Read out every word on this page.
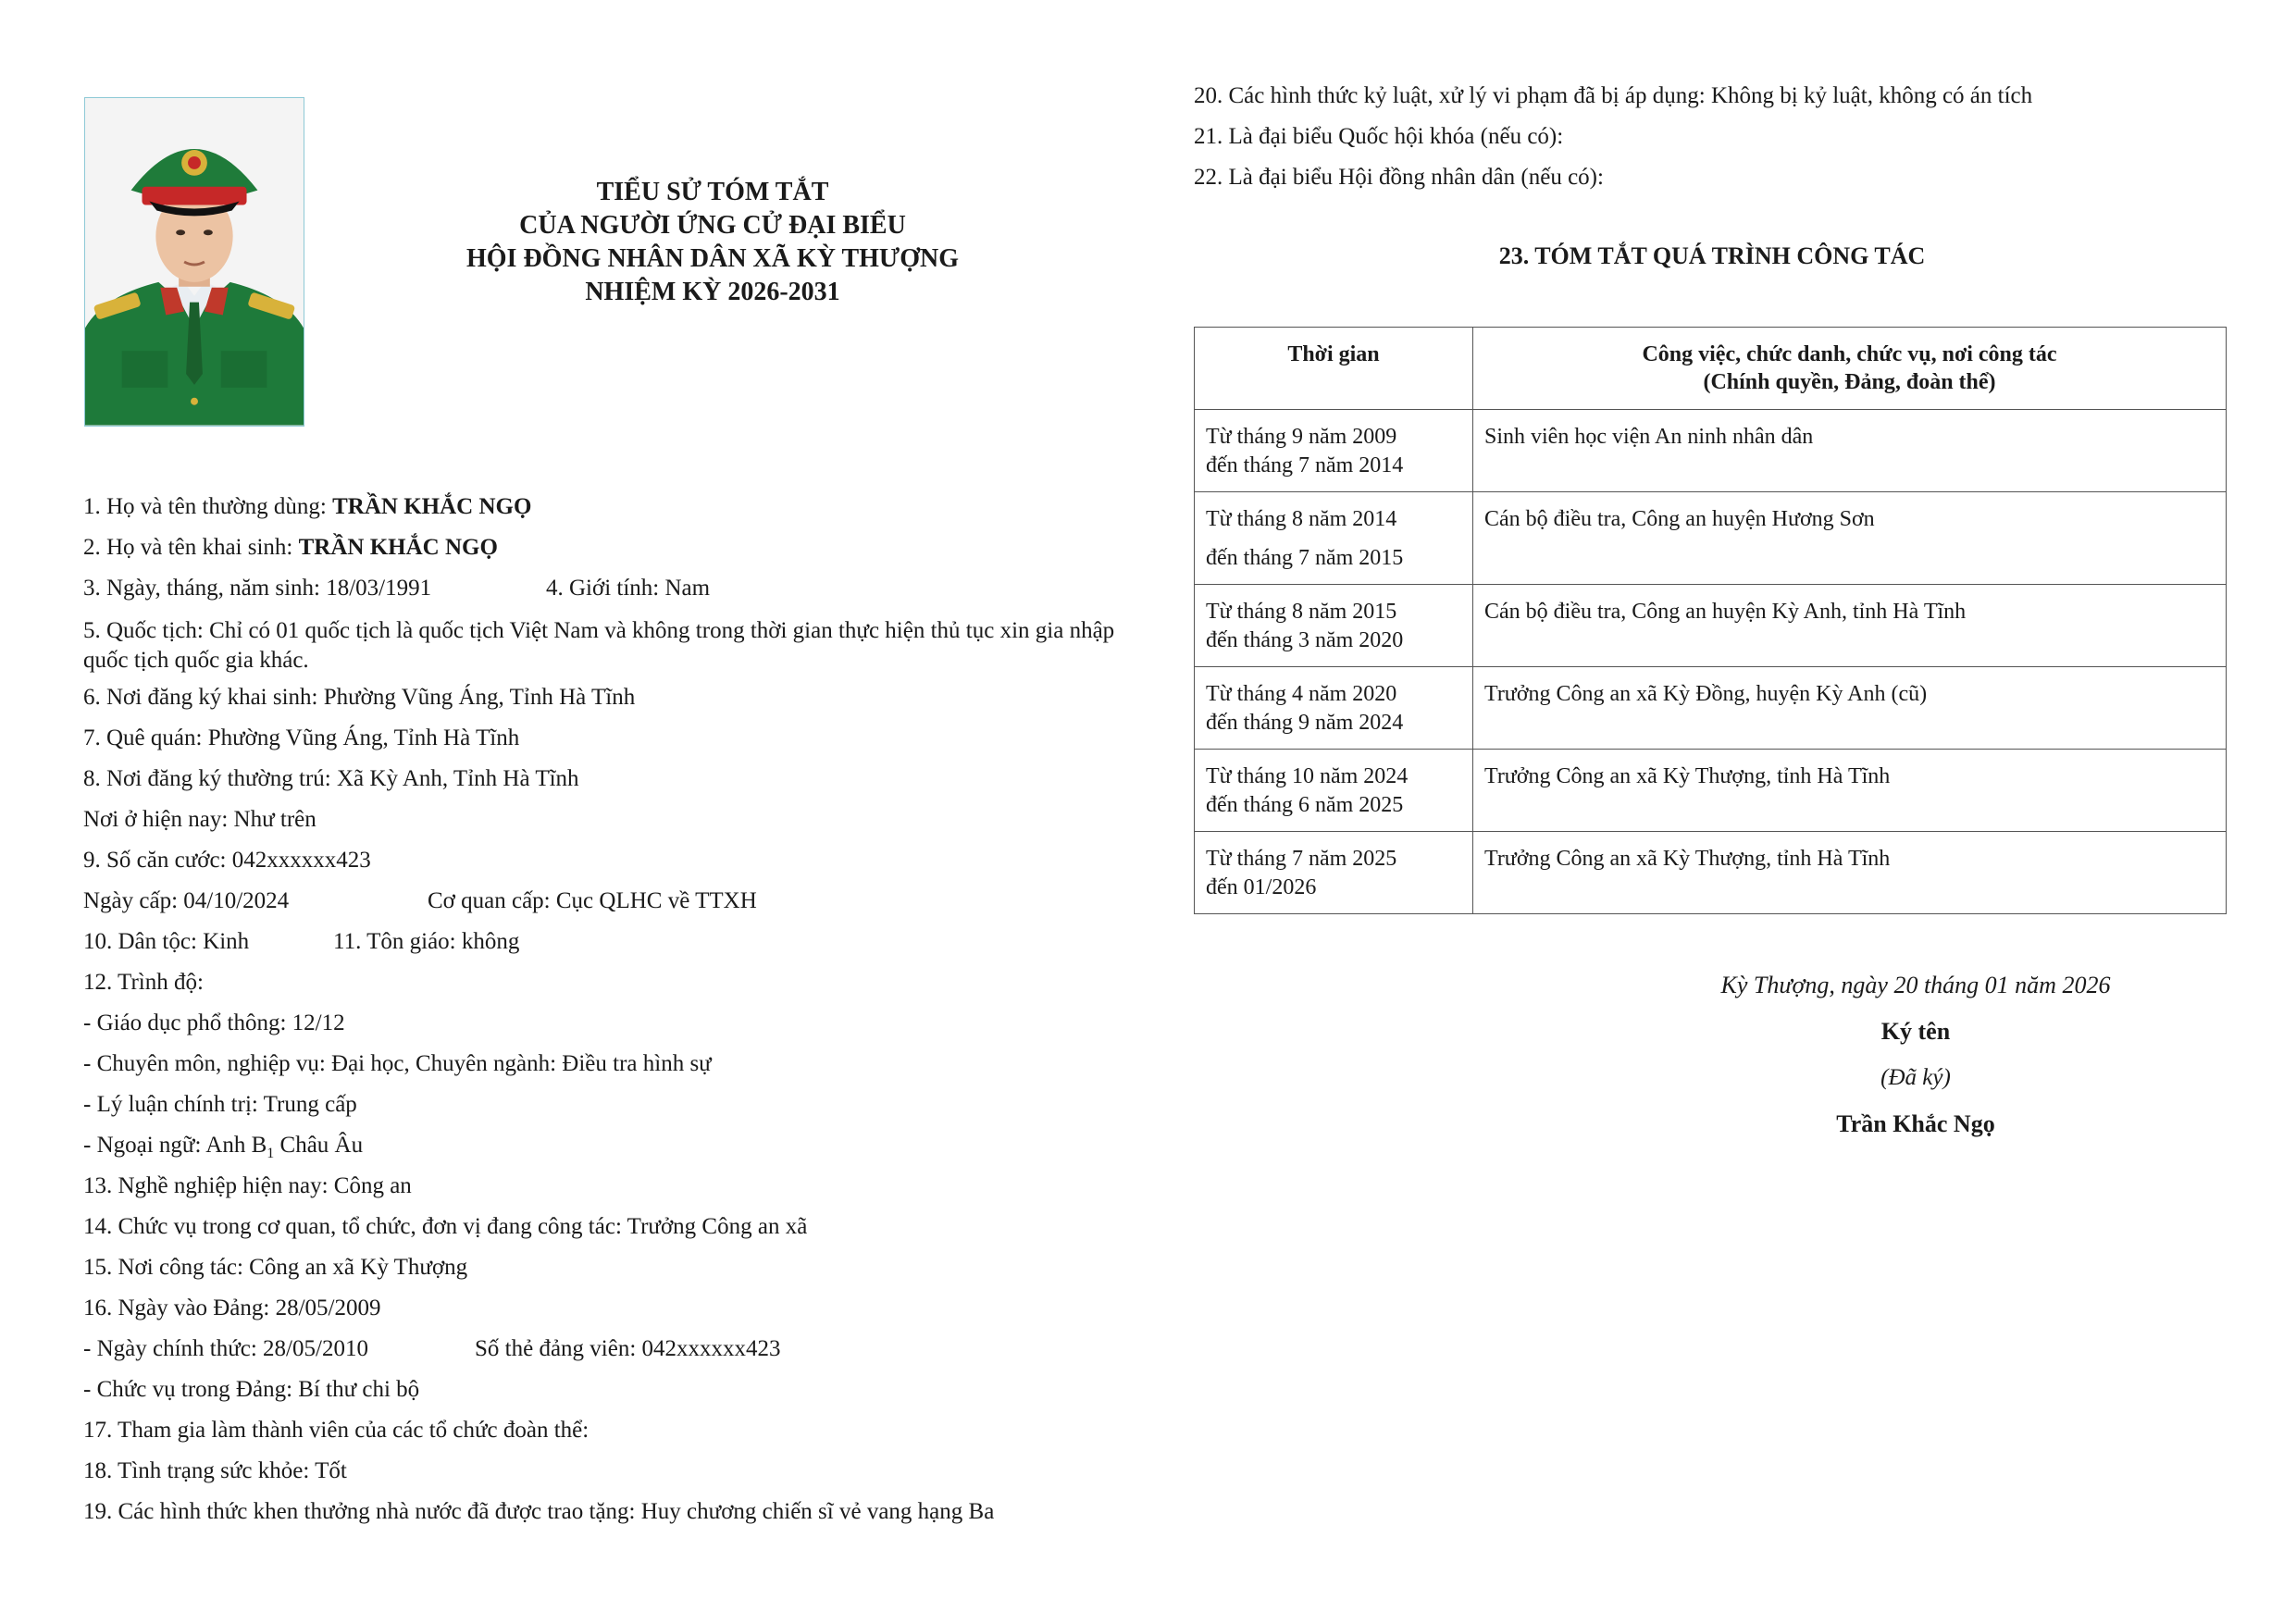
TIỂU SỬ TÓM TẮT
CỦA NGƯỜI ỨNG CỬ ĐẠI BIỂU
HỘI ĐỒNG NHÂN DÂN XÃ KỲ THƯỢNG
NHIỆM KỲ 2026-2031
1. Họ và tên thường dùng: TRẦN KHẮC NGỌ
2. Họ và tên khai sinh: TRẦN KHẮC NGỌ
3. Ngày, tháng, năm sinh: 18/03/1991	4. Giới tính: Nam
5. Quốc tịch: Chỉ có 01 quốc tịch là quốc tịch Việt Nam và không trong thời gian thực hiện thủ tục xin gia nhập quốc tịch quốc gia khác.
6. Nơi đăng ký khai sinh: Phường Vũng Áng, Tỉnh Hà Tĩnh
7. Quê quán: Phường Vũng Áng, Tỉnh Hà Tĩnh
8. Nơi đăng ký thường trú: Xã Kỳ Anh, Tỉnh Hà Tĩnh
Nơi ở hiện nay: Như trên
9. Số căn cước: 042xxxxxx423
Ngày cấp: 04/10/2024	Cơ quan cấp: Cục QLHC về TTXH
10. Dân tộc: Kinh	11. Tôn giáo: không
12. Trình độ:
- Giáo dục phổ thông: 12/12
- Chuyên môn, nghiệp vụ: Đại học, Chuyên ngành: Điều tra hình sự
- Lý luận chính trị: Trung cấp
- Ngoại ngữ: Anh $B_1$ Châu Âu
13. Nghề nghiệp hiện nay: Công an
14. Chức vụ trong cơ quan, tổ chức, đơn vị đang công tác: Trưởng Công an xã
15. Nơi công tác: Công an xã Kỳ Thượng
16. Ngày vào Đảng: 28/05/2009
- Ngày chính thức: 28/05/2010	Số thẻ đảng viên: 042xxxxxx423
- Chức vụ trong Đảng: Bí thư chi bộ
17. Tham gia làm thành viên của các tổ chức đoàn thể:
18. Tình trạng sức khỏe: Tốt
19. Các hình thức khen thưởng nhà nước đã được trao tặng: Huy chương chiến sĩ vẻ vang hạng Ba
20. Các hình thức kỷ luật, xử lý vi phạm đã bị áp dụng: Không bị kỷ luật, không có án tích
21. Là đại biểu Quốc hội khóa (nếu có):
22. Là đại biểu Hội đồng nhân dân (nếu có):
23. TÓM TẮT QUÁ TRÌNH CÔNG TÁC
Thời gian	Công việc, chức danh, chức vụ, nơi công tác
(Chính quyền, Đảng, đoàn thể)

Từ tháng 9 năm 2009
đến tháng 7 năm 2014	Sinh viên học viện An ninh nhân dân

Từ tháng 8 năm 2014
đến tháng 7 năm 2015	Cán bộ điều tra, Công an huyện Hương Sơn

Từ tháng 8 năm 2015
đến tháng 3 năm 2020	Cán bộ điều tra, Công an huyện Kỳ Anh, tỉnh Hà Tĩnh

Từ tháng 4 năm 2020
đến tháng 9 năm 2024	Trưởng Công an xã Kỳ Đồng, huyện Kỳ Anh (cũ)

Từ tháng 10 năm 2024
đến tháng 6 năm 2025	Trưởng Công an xã Kỳ Thượng, tỉnh Hà Tĩnh

Từ tháng 7 năm 2025
đến 01/2026	Trưởng Công an xã Kỳ Thượng, tỉnh Hà Tĩnh
Kỳ Thượng, ngày 20 tháng 01 năm 2026
Ký tên
(Đã ký)
Trần Khắc Ngọ
